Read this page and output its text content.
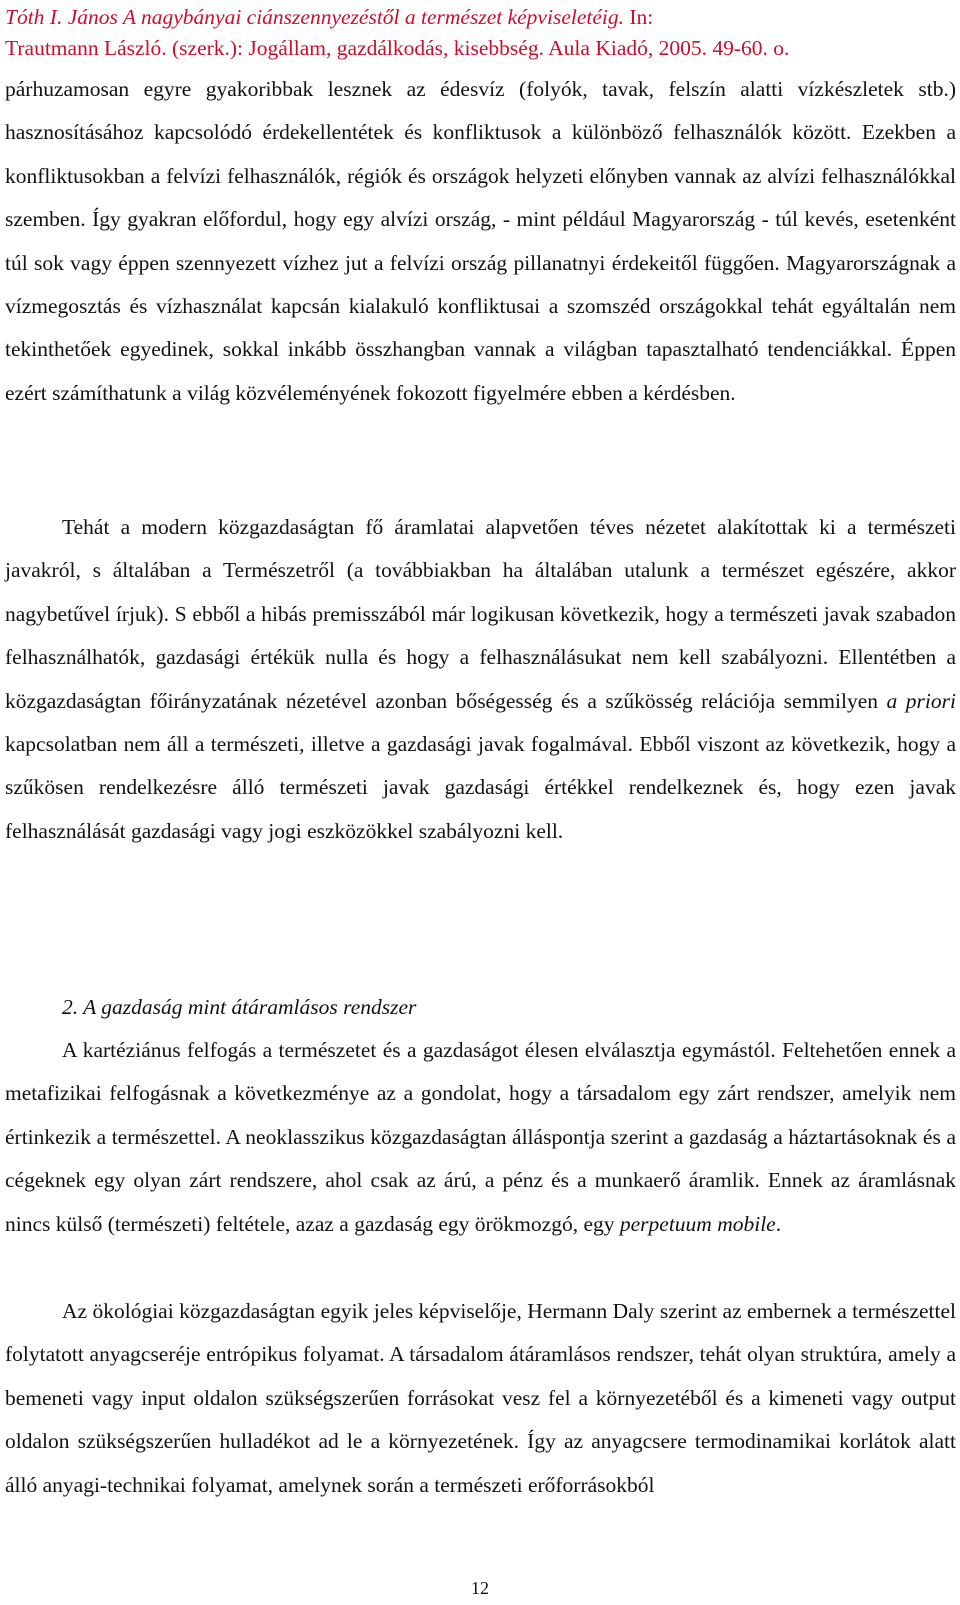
Tóth I. János A nagybányai ciánszennyezéstől a természet képviseletéig. In:
Trautmann László. (szerk.): Jogállam, gazdálkodás, kisebbség. Aula Kiadó, 2005. 49-60. o.

párhuzamosan egyre gyakoribbak lesznek az édesvíz (folyók, tavak, felszín alatti vízkészletek stb.) hasznosításához kapcsolódó érdekellentétek és konfliktusok a különböző felhasználók között. Ezekben a konfliktusokban a felvízi felhasználók, régiók és országok helyzeti előnyben vannak az alvízi felhasználókkal szemben. Így gyakran előfordul, hogy egy alvízi ország, - mint például Magyarország - túl kevés, esetenként túl sok vagy éppen szennyezett vízhez jut a felvízi ország pillanatnyi érdekeitől függően. Magyarországnak a vízmegosztás és vízhasználat kapcsán kialakuló konfliktusai a szomszéd országokkal tehát egyáltalán nem tekinthetőek egyedinek, sokkal inkább összhangban vannak a világban tapasztalható tendenciákkal. Éppen ezért számíthatunk a világ közvéleményének fokozott figyelmére ebben a kérdésben.

Tehát a modern közgazdaságtan fő áramlatai alapvetően téves nézetet alakítottak ki a természeti javakról, s általában a Természetről (a továbbiakban ha általában utalunk a természet egészére, akkor nagybetűvel írjuk). S ebből a hibás premisszából már logikusan következik, hogy a természeti javak szabadon felhasználhatók, gazdasági értékük nulla és hogy a felhasználásukat nem kell szabályozni. Ellentétben a közgazdaságtan főirányzatának nézetével azonban bőségesség és a szűkösség relációja semmilyen a priori kapcsolatban nem áll a természeti, illetve a gazdasági javak fogalmával. Ebből viszont az következik, hogy a szűkösen rendelkezésre álló természeti javak gazdasági értékkel rendelkeznek és, hogy ezen javak felhasználását gazdasági vagy jogi eszközökkel szabályozni kell.

2. A gazdaság mint átáramlásos rendszer

A kartéziánus felfogás a természetet és a gazdaságot élesen elválasztja egymástól. Feltehetően ennek a metafizikai felfogásnak a következménye az a gondolat, hogy a társadalom egy zárt rendszer, amelyik nem értinkezik a természettel. A neoklasszikus közgazdaságtan álláspontja szerint a gazdaság a háztartásoknak és a cégeknek egy olyan zárt rendszere, ahol csak az árú, a pénz és a munkaerő áramlik. Ennek az áramlásnak nincs külső (természeti) feltétele, azaz a gazdaság egy örökmozgó, egy perpetuum mobile.

Az ökológiai közgazdaságtan egyik jeles képviselője, Hermann Daly szerint az embernek a természettel folytatott anyagcseréje entrópikus folyamat. A társadalom átáramlásos rendszer, tehát olyan struktúra, amely a bemeneti vagy input oldalon szükségszerűen forrásokat vesz fel a környezetéből és a kimeneti vagy output oldalon szükségszerűen hulladékot ad le a környezetének. Így az anyagcsere termodinamikai korlátok alatt álló anyagi-technikai folyamat, amelynek során a természeti erőforrásokból

12
